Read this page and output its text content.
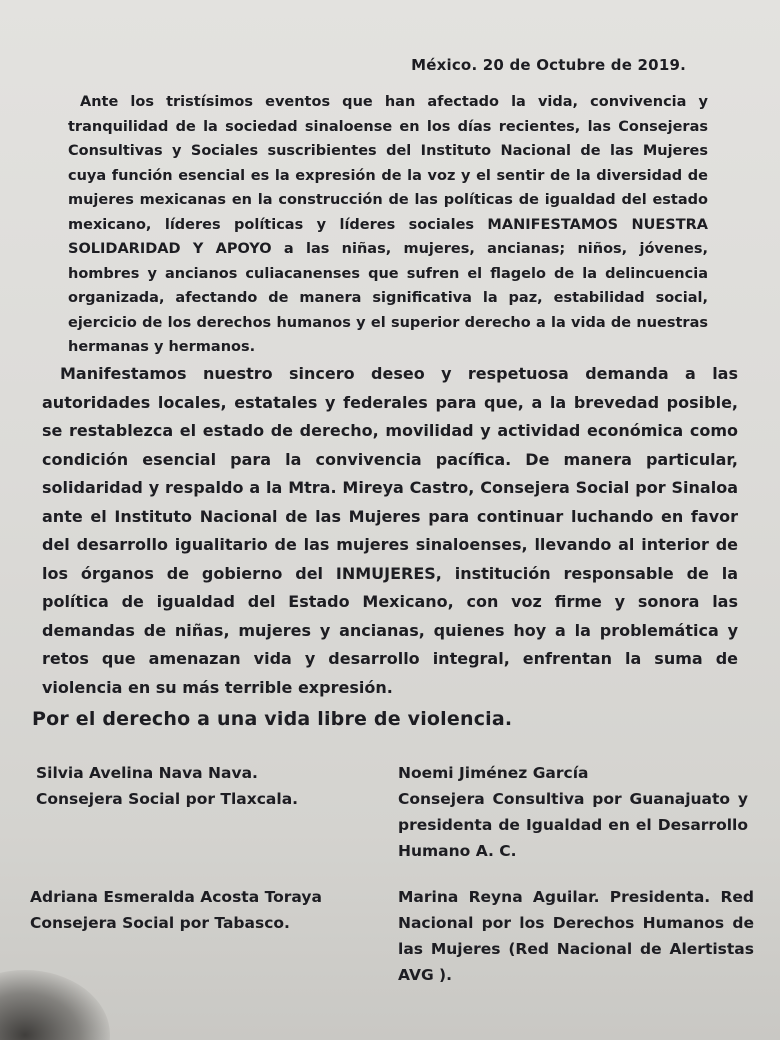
México. 20 de Octubre de 2019.
Ante los tristísimos eventos que han afectado la vida, convivencia y tranquilidad de la sociedad sinaloense en los días recientes, las Consejeras Consultivas y Sociales suscribientes del Instituto Nacional de las Mujeres cuya función esencial es la expresión de la voz y el sentir de la diversidad de mujeres mexicanas en la construcción de las políticas de igualdad del estado mexicano, líderes políticas y líderes sociales MANIFESTAMOS NUESTRA SOLIDARIDAD Y APOYO a las niñas, mujeres, ancianas; niños, jóvenes, hombres y ancianos culiacanenses que sufren el flagelo de la delincuencia organizada, afectando de manera significativa la paz, estabilidad social, ejercicio de los derechos humanos y el superior derecho a la vida de nuestras hermanas y hermanos.
Manifestamos nuestro sincero deseo y respetuosa demanda a las autoridades locales, estatales y federales para que, a la brevedad posible, se restablezca el estado de derecho, movilidad y actividad económica como condición esencial para la convivencia pacífica. De manera particular, solidaridad y respaldo a la Mtra. Mireya Castro, Consejera Social por Sinaloa ante el Instituto Nacional de las Mujeres para continuar luchando en favor del desarrollo igualitario de las mujeres sinaloenses, llevando al interior de los órganos de gobierno del INMUJERES, institución responsable de la política de igualdad del Estado Mexicano, con voz firme y sonora las demandas de niñas, mujeres y ancianas, quienes hoy a la problemática y retos que amenazan vida y desarrollo integral, enfrentan la suma de violencia en su más terrible expresión.
Por el derecho a una vida libre de violencia.
Silvia Avelina Nava Nava.
Consejera Social por Tlaxcala.
Noemi Jiménez García
Consejera Consultiva por Guanajuato y presidenta de Igualdad en el Desarrollo Humano A. C.
Adriana Esmeralda Acosta Toraya
Consejera Social por Tabasco.
Marina Reyna Aguilar. Presidenta. Red Nacional por los Derechos Humanos de las Mujeres (Red Nacional de Alertistas AVG ).
